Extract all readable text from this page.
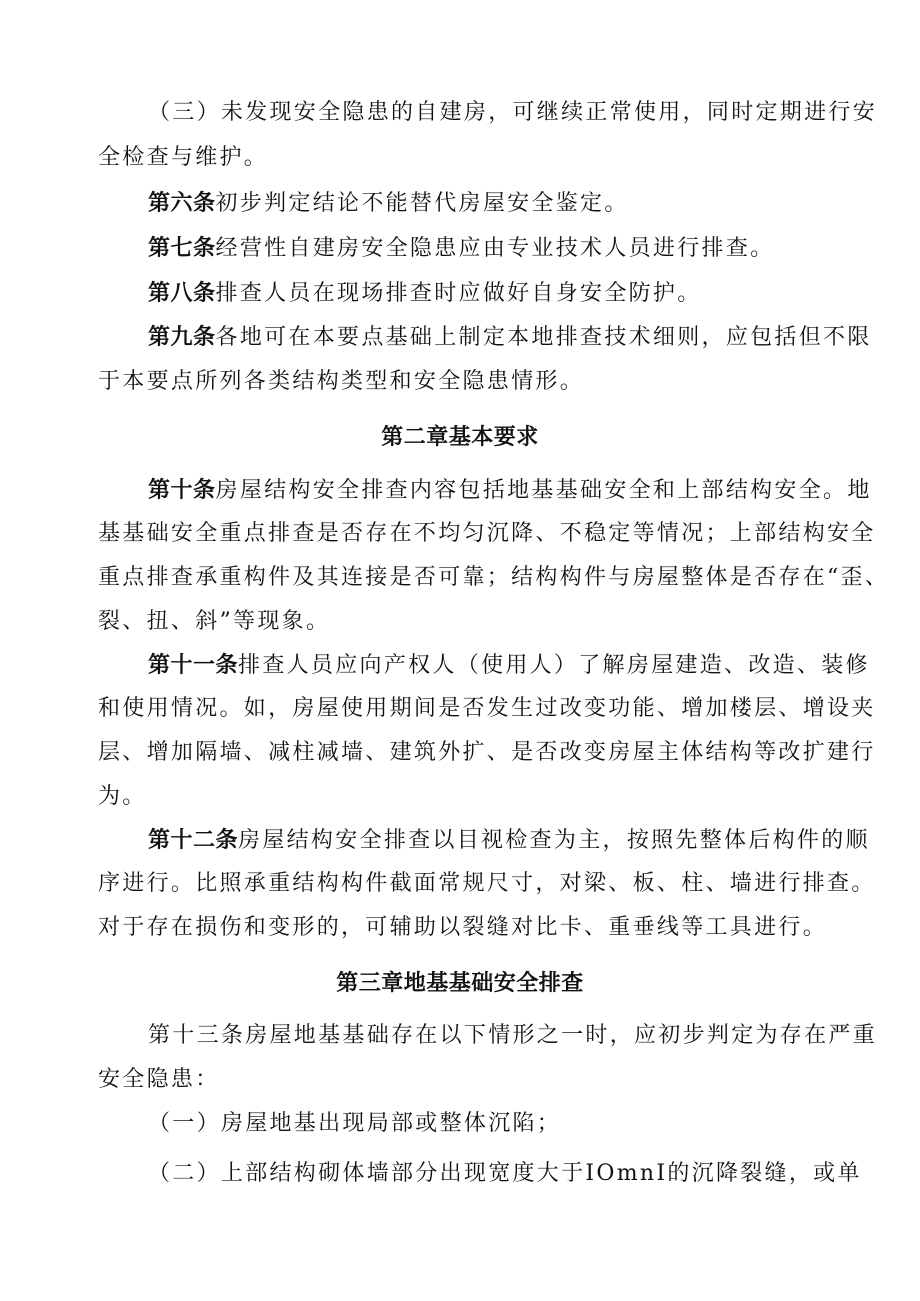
（三）未发现安全隐患的自建房，可继续正常使用，同时定期进行安
全检查与维护。
第六条初步判定结论不能替代房屋安全鉴定。
第七条经营性自建房安全隐患应由专业技术人员进行排查。
第八条排查人员在现场排查时应做好自身安全防护。
第九条各地可在本要点基础上制定本地排查技术细则，应包括但不限
于本要点所列各类结构类型和安全隐患情形。
第二章基本要求
第十条房屋结构安全排查内容包括地基基础安全和上部结构安全。地
基基础安全重点排查是否存在不均匀沉降、不稳定等情况；上部结构安全
重点排查承重构件及其连接是否可靠；结构构件与房屋整体是否存在“歪、
裂、扭、斜”等现象。
第十一条排查人员应向产权人（使用人）了解房屋建造、改造、装修
和使用情况。如，房屋使用期间是否发生过改变功能、增加楼层、增设夹
层、增加隔墙、减柱减墙、建筑外扩、是否改变房屋主体结构等改扩建行
为。
第十二条房屋结构安全排查以目视检查为主，按照先整体后构件的顺
序进行。比照承重结构构件截面常规尺寸，对梁、板、柱、墙进行排查。
对于存在损伤和变形的，可辅助以裂缝对比卡、重垂线等工具进行。
第三章地基基础安全排查
第十三条房屋地基基础存在以下情形之一时，应初步判定为存在严重
安全隐患：
（一）房屋地基出现局部或整体沉陷；
（二）上部结构砌体墙部分出现宽度大于IOmnI的沉降裂缝，或单
